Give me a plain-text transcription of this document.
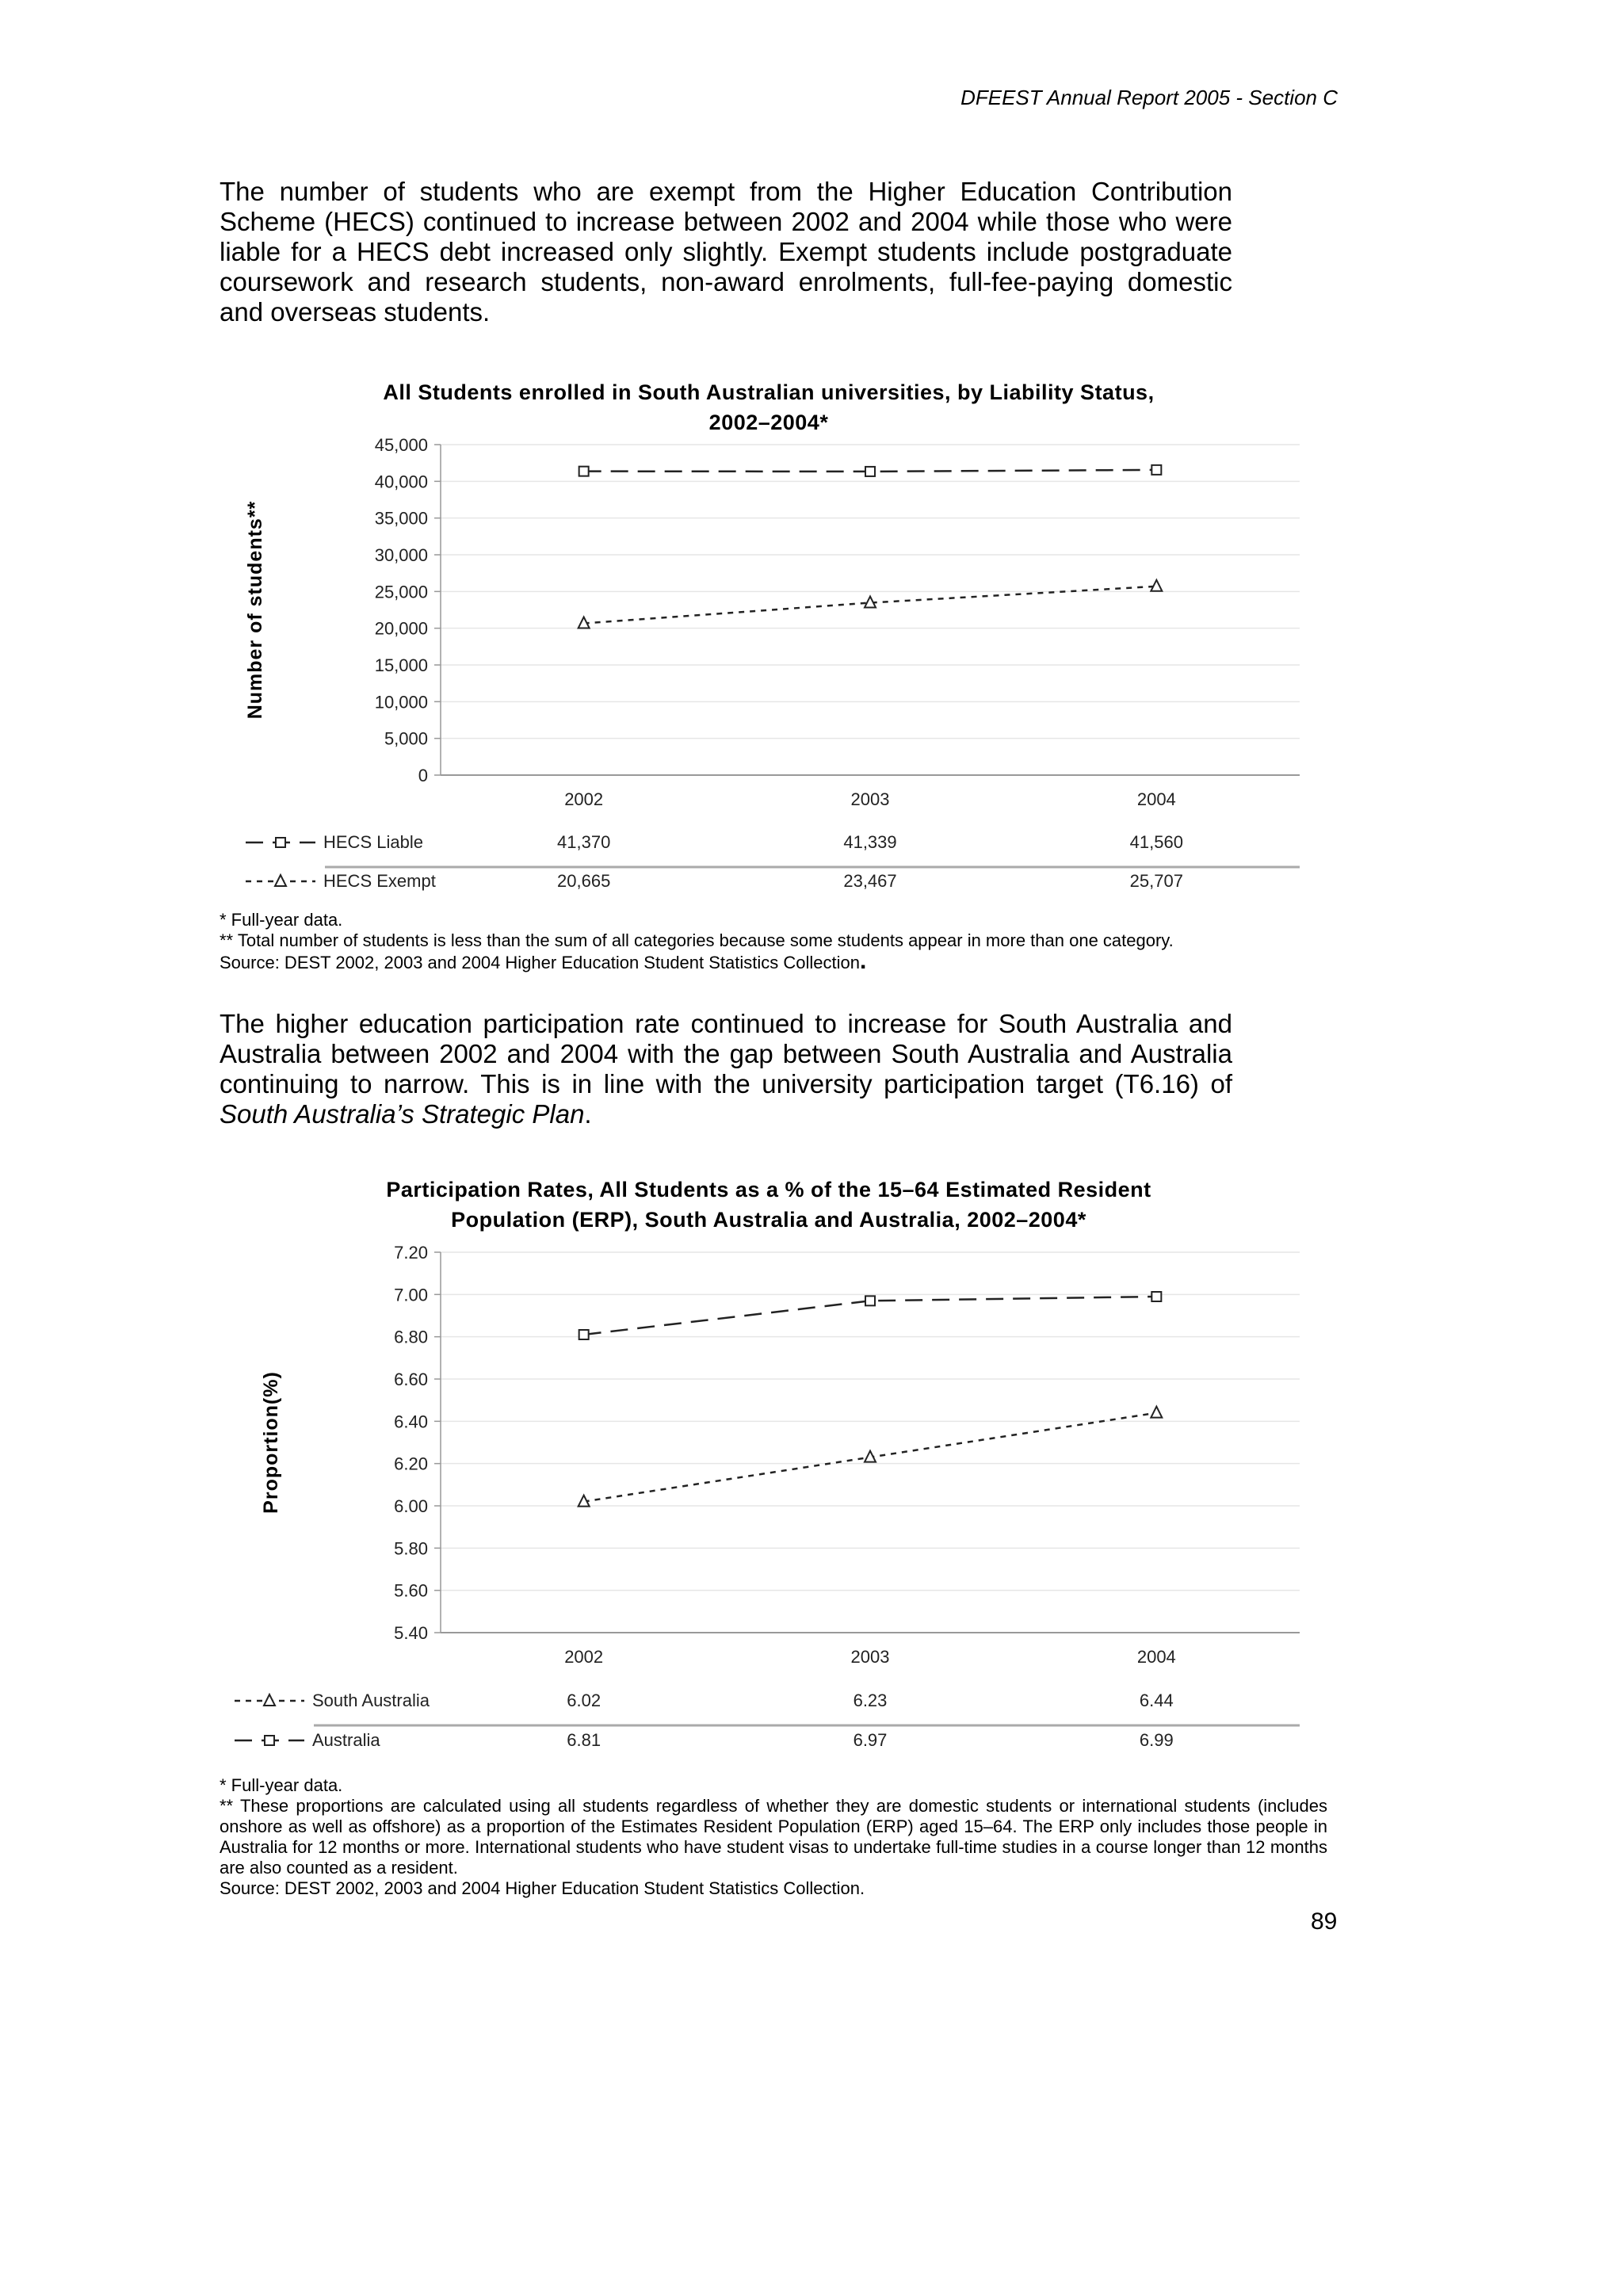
DFEEST Annual Report 2005 - Section C
The number of students who are exempt from the Higher Education Contribution Scheme (HECS) continued to increase between 2002 and 2004 while those who were liable for a HECS debt increased only slightly. Exempt students include postgraduate coursework and research students, non-award enrolments, full-fee-paying domestic and overseas students.
All Students enrolled in South Australian universities, by Liability Status,
2002–2004*
Number of students**
0
5,000
10,000
15,000
20,000
25,000
30,000
35,000
40,000
45,000
2002	2003	2004
HECS Liable	41,370	41,339	41,560
HECS Exempt	20,665	23,467	25,707
* Full-year data.
** Total number of students is less than the sum of all categories because some students appear in more than one category.
Source: DEST 2002, 2003 and 2004 Higher Education Student Statistics Collection.
The higher education participation rate continued to increase for South Australia and Australia between 2002 and 2004 with the gap between South Australia and Australia continuing to narrow. This is in line with the university participation target (T6.16) of South Australia’s Strategic Plan.
Participation Rates, All Students as a % of the 15–64 Estimated Resident
Population (ERP), South Australia and Australia, 2002–2004*
Proportion(%)
5.40
5.60
5.80
6.00
6.20
6.40
6.60
6.80
7.00
7.20
2002	2003	2004
South Australia	6.02	6.23	6.44
Australia	6.81	6.97	6.99
* Full-year data.
** These proportions are calculated using all students regardless of whether they are domestic students or international students (includes onshore as well as offshore) as a proportion of the Estimates Resident Population (ERP) aged 15–64. The ERP only includes those people in Australia for 12 months or more. International students who have student visas to undertake full-time studies in a course longer than 12 months are also counted as a resident.
Source: DEST 2002, 2003 and 2004 Higher Education Student Statistics Collection.
89
